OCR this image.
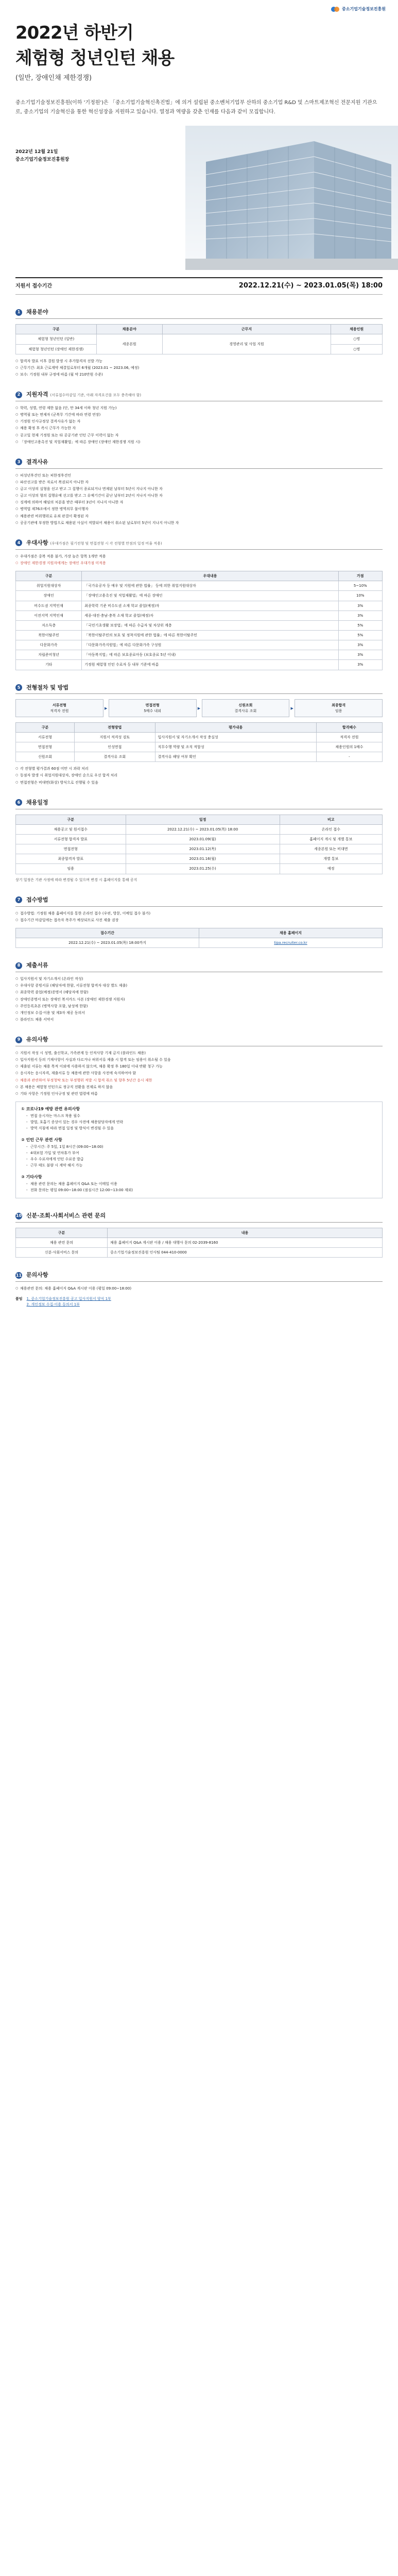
중소기업기술정보진흥원
2022년 하반기
체험형 청년인턴 채용
(일반, 장애인채 제한경쟁)
중소기업기술정보진흥원(이하 '기정원')은 「중소기업기술혁신촉진법」에 의거 설립된 중소벤처기업부 산하의 중소기업 R&D 및 스마트제조혁신 전문지원 기관으로, 중소기업의 기술혁신을 통한 혁신성장을 지원하고 있습니다. 열정과 역량을 갖춘 인재를 다음과 같이 모집합니다.
2022년 12월 21일
중소기업기술정보진흥원장
지원서 접수기간	2022.12.21(수) ~ 2023.01.05(목) 18:00
1	채용분야
구분	채용분야	근무지	채용인원
체험형 청년인턴 (일반)	세종본원	경영관리 및 사업 지원	○명
체험형 청년인턴 (장애인 제한경쟁)			○명
○ 합격자 발표 이후 결원 발생 시 추가합격자 선발 가능
○ 근무기간: 최초 근로계약 체결일로부터 6개월 (2023.01 ~ 2023.06, 예정)
○ 보수: 기정원 내부 규정에 따름 (월 약 210만원 수준)
2	지원자격 (서류접수마감일 기준, 아래 자격요건을 모두 충족해야 함)
○ 학력, 성별, 연령 제한 없음 (단, 만 34세 이하 청년 지원 가능)
○ 병역필 또는 면제자 (군복무 기간에 따라 연령 연장)
○ 기정원 인사규정상 결격사유가 없는 자
○ 채용 확정 후 즉시 근무가 가능한 자
○ 공고일 현재 기정원 또는 타 공공기관 인턴 근무 이력이 없는 자
○ 「장애인고용촉진 및 직업재활법」에 따른 장애인 (장애인 제한경쟁 지원 시)
3	결격사유
○ 피성년후견인 또는 피한정후견인
○ 파산선고를 받은 자로서 복권되지 아니한 자
○ 금고 이상의 실형을 선고 받고 그 집행이 종료되거나 면제된 날부터 5년이 지나지 아니한 자
○ 금고 이상의 형의 집행유예 선고를 받고 그 유예기간이 끝난 날부터 2년이 지나지 아니한 자
○ 징계에 의하여 해임의 처분을 받은 때부터 3년이 지나지 아니한 자
○ 병역법 제76조에서 정한 병역의무 불이행자
○ 채용관련 비위행위로 유죄 판결이 확정된 자
○ 공공기관에 부정한 방법으로 채용된 사실이 적발되어 채용이 취소된 날로부터 5년이 지나지 아니한 자
4	우대사항 (우대가점은 필기전형 및 면접전형 시 각 전형별 만점의 일정 비율 적용)
○ 우대가점은 중복 적용 불가, 가장 높은 항목 1개만 적용
○ 장애인 제한경쟁 지원자에게는 장애인 우대가점 미적용
구분	우대내용	가점
취업지원대상자	「국가유공자 등 예우 및 지원에 관한 법률」 등에 의한 취업지원대상자	5~10%
장애인	「장애인고용촉진 및 직업재활법」에 따른 장애인	10%
비수도권 지역인재	최종학력 기준 비수도권 소재 학교 졸업(예정)자	3%
이전지역 지역인재	세종·대전·충남·충북 소재 학교 졸업(예정)자	3%
저소득층	「국민기초생활 보장법」에 따른 수급자 및 차상위 계층	5%
북한이탈주민	「북한이탈주민의 보호 및 정착지원에 관한 법률」에 따른 북한이탈주민	5%
다문화가족	「다문화가족지원법」에 따른 다문화가족 구성원	3%
자립준비청년	「아동복지법」에 따른 보호종료아동 (보호종료 5년 이내)	3%
기타	기정원 체험형 인턴 수료자 등 내부 기준에 따름	3%
5	전형절차 및 방법
서류전형
적격자 전원
▶
면접전형
5배수 내외
▶
신원조회
결격사유 조회
▶
최종합격
임용
구분	전형방법	평가내용	합격배수
서류전형	지원서 적격성 검토	입사지원서 및 자기소개서 작성 충실성	적격자 전원
면접전형	인성면접	직무수행 역량 및 조직 적합성	채용인원의 1배수
신원조회	결격사유 조회	결격사유 해당 여부 확인	-
○ 각 전형별 평가결과 60점 미만 시 과락 처리
○ 동점자 발생 시 취업지원대상자, 장애인 순으로 우선 합격 처리
○ 면접전형은 비대면(화상) 방식으로 진행될 수 있음
6	채용일정
구분	일정	비고
채용공고 및 원서접수	2022.12.21(수) ~ 2023.01.05(목) 18:00	온라인 접수
서류전형 합격자 발표	2023.01.09(월)	홈페이지 게시 및 개별 통보
면접전형	2023.01.12(목)	세종본원 또는 비대면
최종합격자 발표	2023.01.16(월)	개별 통보
임용	2023.01.25(수)	예정
상기 일정은 기관 사정에 따라 변경될 수 있으며 변경 시 홈페이지를 통해 공지
7	접수방법
○ 접수방법: 기정원 채용 홈페이지를 통한 온라인 접수 (우편, 방문, 이메일 접수 불가)
○ 접수기간 마감일에는 접속자 폭주가 예상되므로 사전 제출 권장
접수기간	채용 홈페이지
2022.12.21(수) ~ 2023.01.05(목) 18:00까지	tipa.recruiter.co.kr
8	제출서류
○ 입사지원서 및 자기소개서 (온라인 작성)
○ 우대사항 증빙서류 (해당자에 한함, 서류전형 합격자 대상 별도 제출)
○ 최종학력 졸업(예정)증명서 (해당자에 한함)
○ 장애인증명서 또는 장애인 복지카드 사본 (장애인 제한경쟁 지원자)
○ 주민등록초본 (병역사항 포함, 남성에 한함)
○ 개인정보 수집·이용 및 제3자 제공 동의서
○ 블라인드 채용 서약서
9	유의사항
○ 지원서 작성 시 성명, 출신학교, 가족관계 등 인적사항 기재 금지 (블라인드 채용)
○ 입사지원서 등의 기재사항이 사실과 다르거나 허위서류 제출 시 합격 또는 임용이 취소될 수 있음
○ 제출된 서류는 채용 목적 이외에 사용하지 않으며, 채용 확정 후 180일 이내 반환 청구 가능
○ 응시자는 응시자격, 제출서류 등 채용에 관한 사항을 사전에 숙지하여야 함
○ 채용과 관련하여 부정청탁 또는 부정행위 적발 시 합격 취소 및 향후 5년간 응시 제한
○ 본 채용은 체험형 인턴으로 정규직 전환을 전제로 하지 않음
○ 기타 사항은 기정원 인사규정 및 관련 법령에 따름
① 코로나19 예방 관련 유의사항
- 면접 응시자는 마스크 착용 필수
- 발열, 호흡기 증상이 있는 경우 사전에 채용담당자에게 연락
- 방역 지침에 따라 면접 일정 및 방식이 변경될 수 있음
② 인턴 근무 관련 사항
- 근무시간: 주 5일, 1일 8시간 (09:00~18:00)
- 4대보험 가입 및 연차휴가 부여
- 우수 수료자에게 인턴 수료증 발급
- 근무 태도 불량 시 계약 해지 가능
③ 기타사항
- 채용 관련 문의는 채용 홈페이지 Q&A 또는 이메일 이용
- 전화 문의는 평일 09:00~18:00 (점심시간 12:00~13:00 제외)
10 신분·조회·사회서비스 관련 문의
구분	내용
채용 관련 문의	채용 홈페이지 Q&A 게시판 이용 / 채용 대행사 문의 02-2039-8160
신분·사회서비스 문의	중소기업기술정보진흥원 인사팀 044-410-0000
11 문의사항
○ 채용관련 문의: 채용 홈페이지 Q&A 게시판 이용 (평일 09:00~18:00)
붙임 1. 중소기업기술정보진흥원 공고 입사지원서 양식 1부
2. 개인정보 수집·이용 동의서 1부
